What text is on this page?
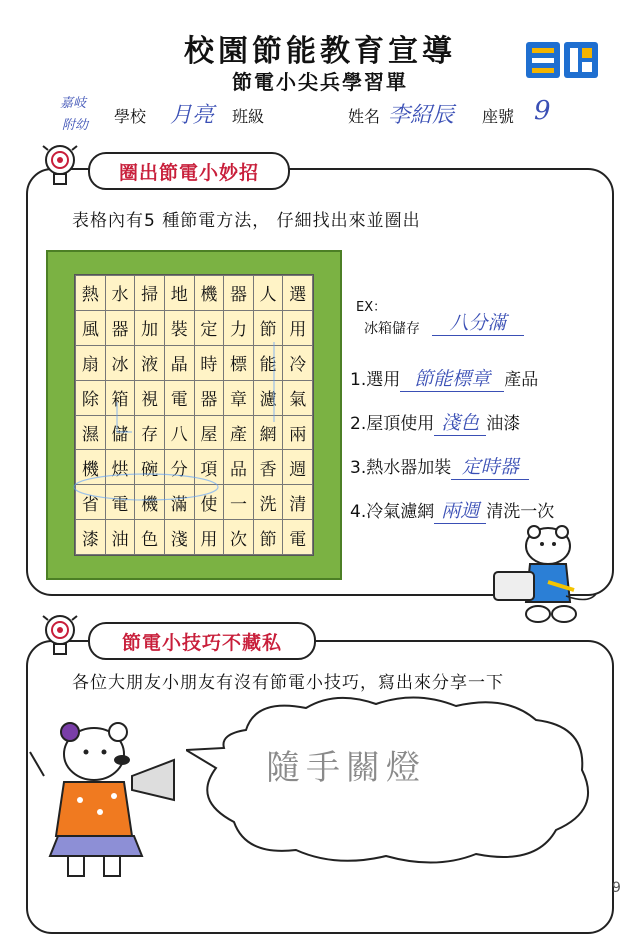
校園節能教育宣導
節電小尖兵學習單
嘉岐
附幼 學校 月亮 班級	姓名 李紹辰 座號 9
圈出節電小妙招
表格內有5 種節電方法， 仔細找出來並圈出
熱	水	掃	地	機	器	人	選
風	器	加	裝	定	力	節	用
扇	冰	液	晶	時	標	能	冷
除	箱	視	電	器	章	濾	氣
濕	儲	存	八	屋	產	網	兩
機	烘	碗	分	項	品	香	週
省	電	機	滿	使	一	洗	清
漆	油	色	淺	用	次	節	電
EX：
冰箱儲存	八分滿
1.選用 節能標章 產品
2.屋頂使用 淺色 油漆
3.熱水器加裝 定時器
4.冷氣濾網 兩週 清洗一次
節電小技巧不藏私
各位大朋友小朋友有沒有節電小技巧，寫出來分享一下
隨手關燈
9
